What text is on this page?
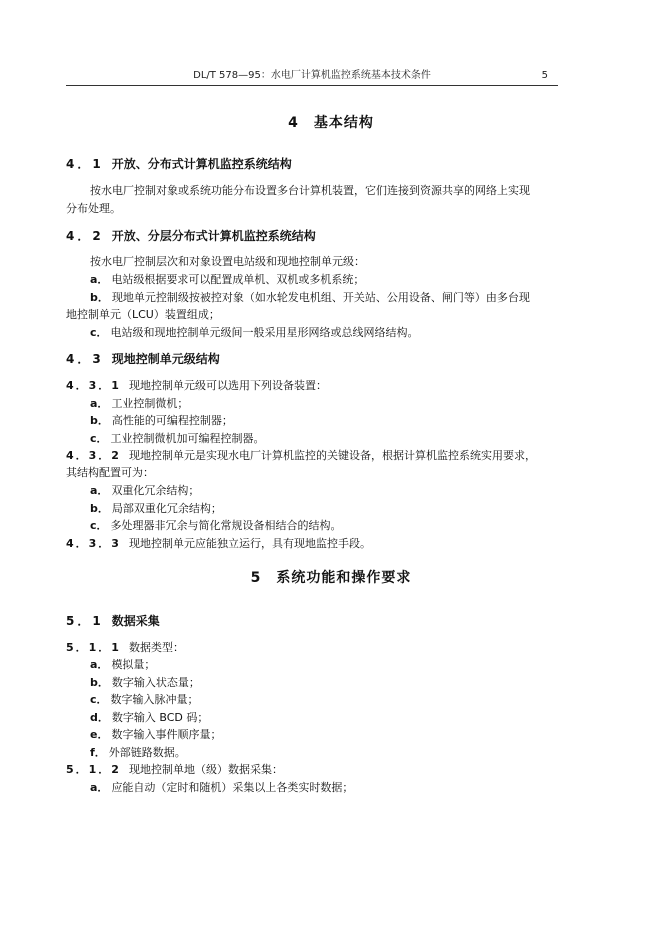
DL/T 578—95：水电厂计算机监控系统基本技术条件	5
4　基本结构
4．1 开放、分布式计算机监控系统结构
按水电厂控制对象或系统功能分布设置多台计算机装置，它们连接到资源共享的网络上实现
分布处理。
4．2 开放、分层分布式计算机监控系统结构
按水电厂控制层次和对象设置电站级和现地控制单元级：
a． 电站级根据要求可以配置成单机、双机或多机系统；
b． 现地单元控制级按被控对象（如水轮发电机组、开关站、公用设备、闸门等）由多台现
地控制单元（LCU）装置组成；
c． 电站级和现地控制单元级间一般采用星形网络或总线网络结构。
4．3 现地控制单元级结构
4．3．1 现地控制单元级可以选用下列设备装置：
a． 工业控制微机；
b． 高性能的可编程控制器；
c． 工业控制微机加可编程控制器。
4．3．2 现地控制单元是实现水电厂计算机监控的关键设备，根据计算机监控系统实用要求，
其结构配置可为：
a． 双重化冗余结构；
b． 局部双重化冗余结构；
c． 多处理器非冗余与简化常规设备相结合的结构。
4．3．3 现地控制单元应能独立运行，具有现地监控手段。
5　系统功能和操作要求
5．1 数据采集
5．1．1 数据类型：
a． 模拟量；
b． 数字输入状态量；
c． 数字输入脉冲量；
d． 数字输入 BCD 码；
e． 数字输入事件顺序量；
f． 外部链路数据。
5．1．2 现地控制单地（级）数据采集：
a． 应能自动（定时和随机）采集以上各类实时数据；
